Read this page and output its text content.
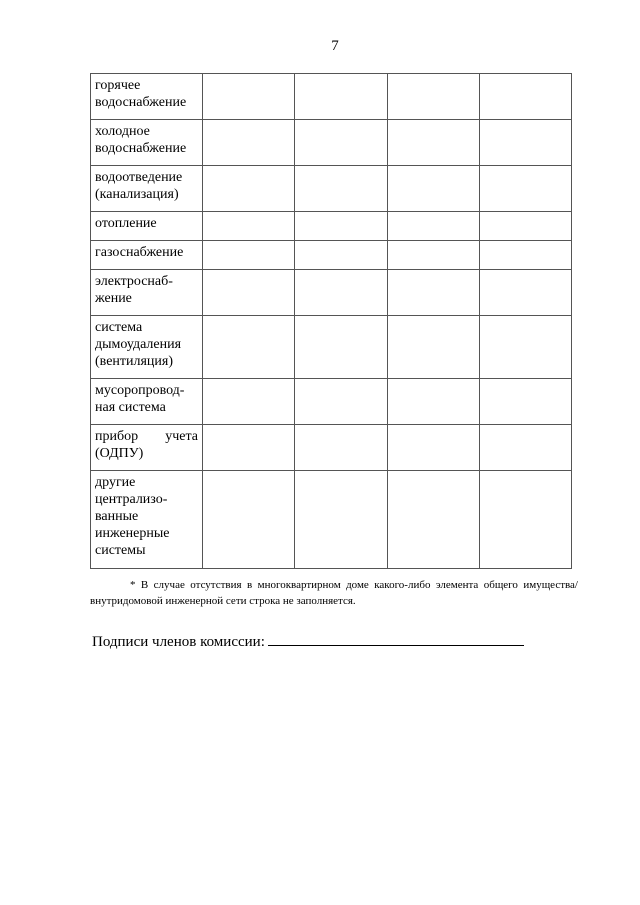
7
горячее водоснабжение				
холодное водоснабжение				
водоотведение (канализация)				
отопление				
газоснабжение				
электроснаб-жение				
система дымоудаления (вентиляция)				
мусоропровод-ная система				
прибор учета (ОДПУ)				
другие централизо-ванные инженерные системы				
* В случае отсутствия в многоквартирном доме какого-либо элемента общего имущества/внутридомовой инженерной сети строка не заполняется.
Подписи членов комиссии:
